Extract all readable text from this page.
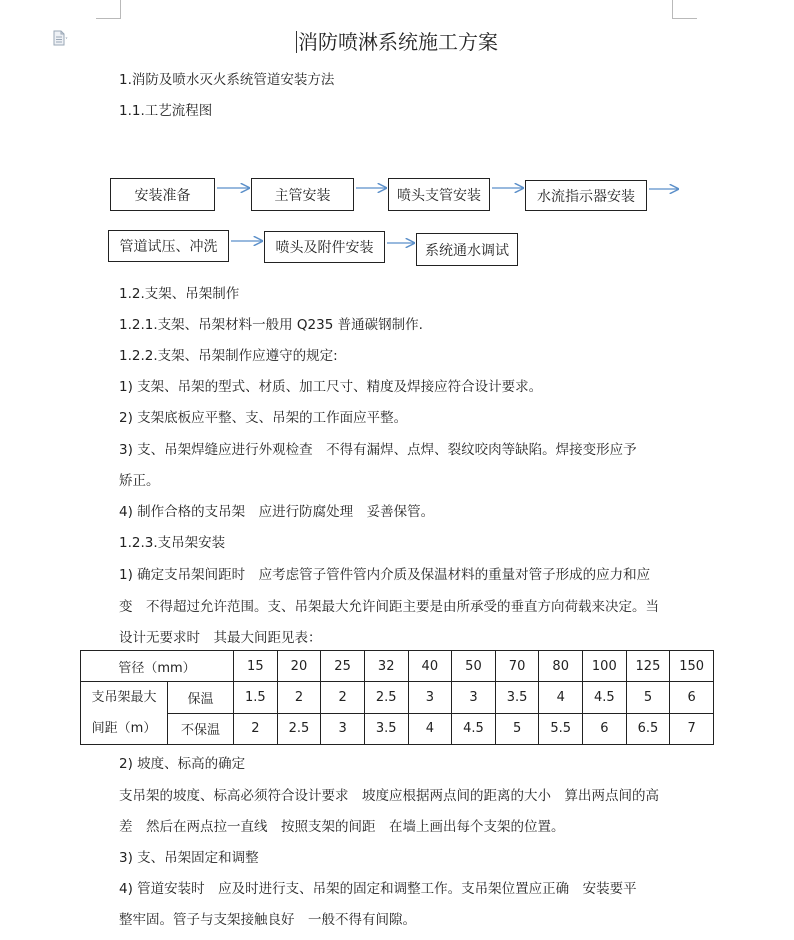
消防喷淋系统施工方案
1.消防及喷水灭火系统管道安装方法
1.1.工艺流程图
安装准备	主管安装	喷头支管安装	水流指示器安装
管道试压、冲洗	喷头及附件安装	系统通水调试
1.2.支架、吊架制作
1.2.1.支架、吊架材料一般用 Q235 普通碳钢制作.
1.2.2.支架、吊架制作应遵守的规定:
1) 支架、吊架的型式、材质、加工尺寸、精度及焊接应符合设计要求。
2) 支架底板应平整、支、吊架的工作面应平整。
3) 支、吊架焊缝应进行外观检查　不得有漏焊、点焊、裂纹咬肉等缺陷。焊接变形应予
矫正。
4) 制作合格的支吊架　应进行防腐处理　妥善保管。
1.2.3.支吊架安装
1) 确定支吊架间距时　应考虑管子管件管内介质及保温材料的重量对管子形成的应力和应
变　不得超过允许范围。支、吊架最大允许间距主要是由所承受的垂直方向荷载来决定。当
设计无要求时　其最大间距见表：
管径（mm）		15	20	25	32	40	50	70	80	100	125	150

支吊架最大
间距（m）	保温	1.5	2	2	2.5	3	3	3.5	4	4.5	5	6
	不保温	2	2.5	3	3.5	4	4.5	5	5.5	6	6.5	7
2) 坡度、标高的确定
支吊架的坡度、标高必须符合设计要求　坡度应根据两点间的距离的大小　算出两点间的高
差　然后在两点拉一直线　按照支架的间距　在墙上画出每个支架的位置。
3) 支、吊架固定和调整
4) 管道安装时　应及时进行支、吊架的固定和调整工作。支吊架位置应正确　安装要平
整牢固。管子与支架接触良好　一般不得有间隙。
